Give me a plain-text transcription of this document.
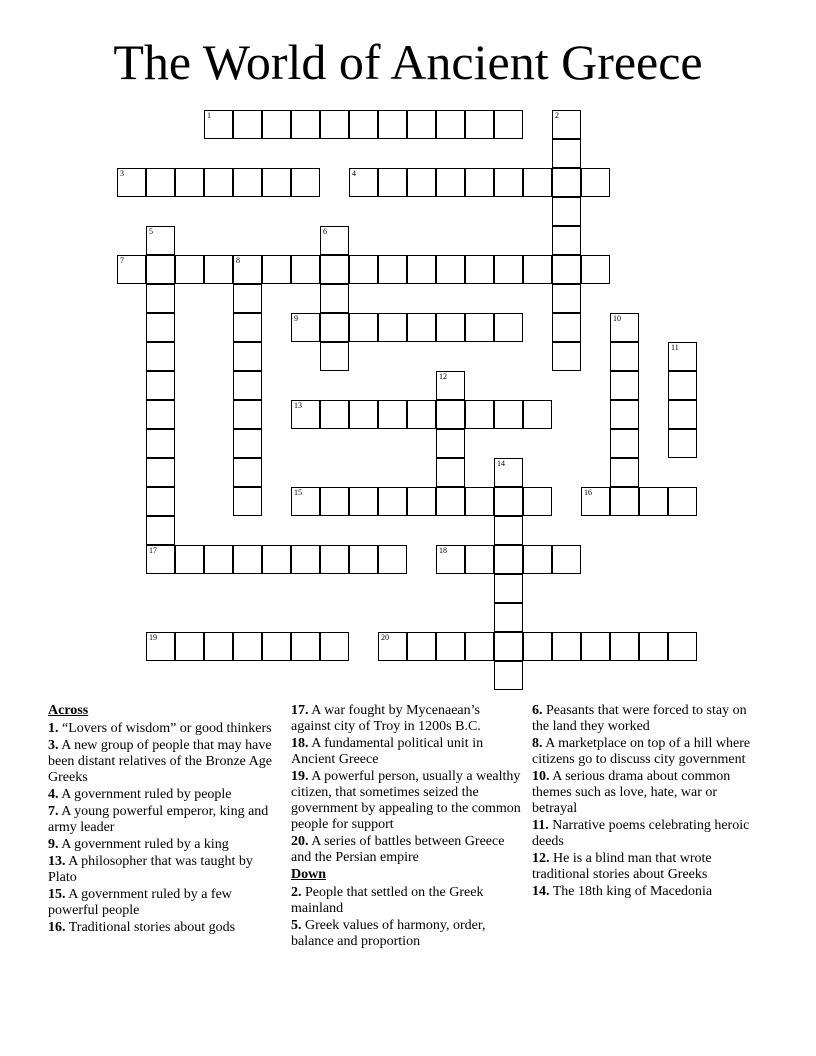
The World of Ancient Greece
1
3	4
7	8
9
13
15	16
17	18
19	20
2
5	6
10
11
12
14
Across
1. “Lovers of wisdom” or good thinkers
3. A new group of people that may have been distant relatives of the Bronze Age Greeks
4. A government ruled by people
7. A young powerful emperor, king and army leader
9. A government ruled by a king
13. A philosopher that was taught by Plato
15. A government ruled by a few powerful people
16. Traditional stories about gods
17. A war fought by Mycenaean’s against city of Troy in 1200s B.C.
18. A fundamental political unit in Ancient Greece
19. A powerful person, usually a wealthy citizen, that sometimes seized the government by appealing to the common people for support
20. A series of battles between Greece and the Persian empire
Down
2. People that settled on the Greek mainland
5. Greek values of harmony, order, balance and proportion
6. Peasants that were forced to stay on the land they worked
8. A marketplace on top of a hill where citizens go to discuss city government
10. A serious drama about common themes such as love, hate, war or betrayal
11. Narrative poems celebrating heroic deeds
12. He is a blind man that wrote traditional stories about Greeks
14. The 18th king of Macedonia
